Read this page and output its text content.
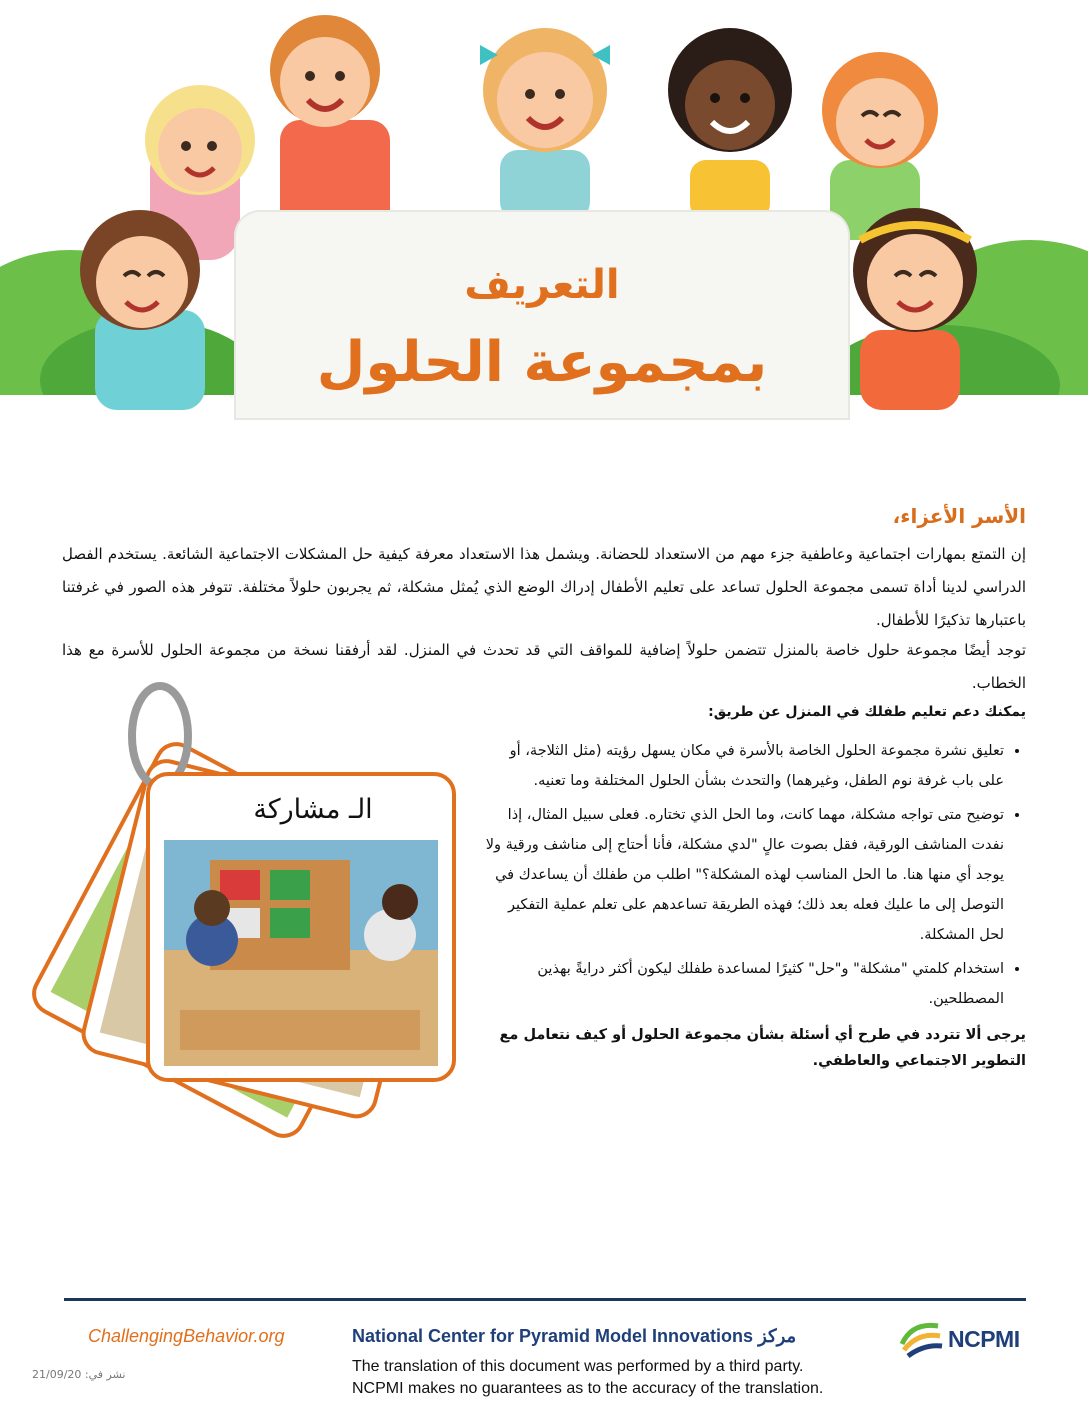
التعريف
بمجموعة الحلول
الأسر الأعزاء،
إن التمتع بمهارات اجتماعية وعاطفية جزء مهم من الاستعداد للحضانة. ويشمل هذا الاستعداد معرفة كيفية حل المشكلات الاجتماعية الشائعة. يستخدم الفصل الدراسي لدينا أداة تسمى مجموعة الحلول تساعد على تعليم الأطفال إدراك الوضع الذي يُمثل مشكلة، ثم يجربون حلولاً مختلفة. تتوفر هذه الصور في غرفتنا باعتبارها تذكيرًا للأطفال.
توجد أيضًا مجموعة حلول خاصة بالمنزل تتضمن حلولاً إضافية للمواقف التي قد تحدث في المنزل. لقد أرفقنا نسخة من مجموعة الحلول للأسرة مع هذا الخطاب.
يمكنك دعم تعليم طفلك في المنزل عن طريق:
• تعليق نشرة مجموعة الحلول الخاصة بالأسرة في مكان يسهل رؤيته (مثل الثلاجة، أو على باب غرفة نوم الطفل، وغيرهما) والتحدث بشأن الحلول المختلفة وما تعنيه.
• توضيح متى تواجه مشكلة، مهما كانت، وما الحل الذي تختاره. فعلى سبيل المثال، إذا نفدت المناشف الورقية، فقل بصوت عالٍ "لدي مشكلة، فأنا أحتاج إلى مناشف ورقية ولا يوجد أي منها هنا. ما الحل المناسب لهذه المشكلة؟" اطلب من طفلك أن يساعدك في التوصل إلى ما عليك فعله بعد ذلك؛ فهذه الطريقة تساعدهم على تعلم عملية التفكير لحل المشكلة.
• استخدام كلمتي "مشكلة" و"حل" كثيرًا لمساعدة طفلك ليكون أكثر درايةً بهذين المصطلحين.
يرجى ألا تتردد في طرح أي أسئلة بشأن مجموعة الحلول أو كيف نتعامل مع التطوير الاجتماعي والعاطفي.
الـ مشاركة
ChallengingBehavior.org	National Center for Pyramid Model Innovations مركز
The translation of this document was performed by a third party.
NCPMI makes no guarantees as to the accuracy of the translation.
نشر في: 21/09/20
NCPMI
